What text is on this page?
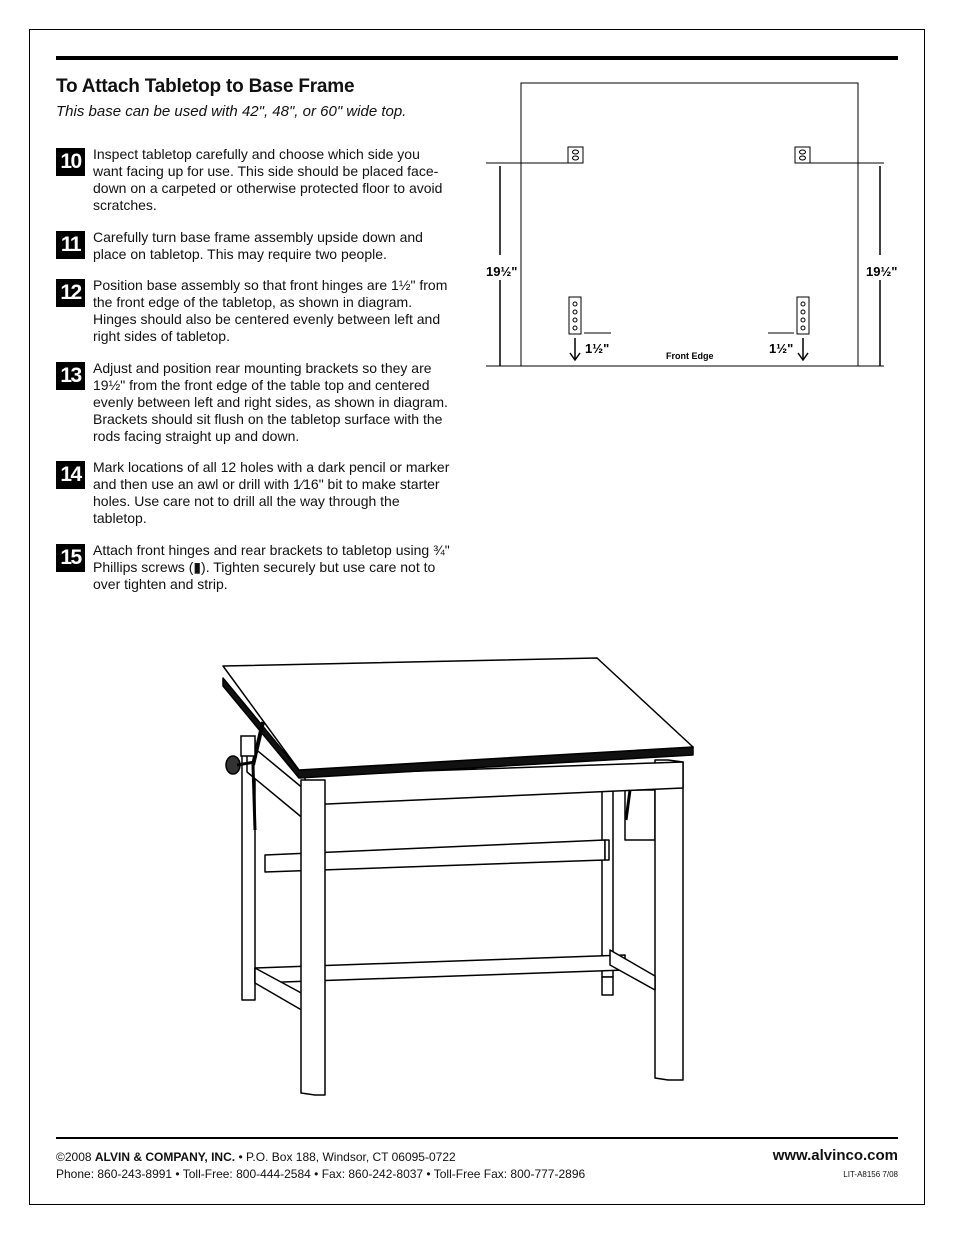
To Attach Tabletop to Base Frame
This base can be used with 42", 48", or 60" wide top.
10 Inspect tabletop carefully and choose which side you want facing up for use. This side should be placed face-down on a carpeted or otherwise protected floor to avoid scratches.
11 Carefully turn base frame assembly upside down and place on tabletop. This may require two people.
12 Position base assembly so that front hinges are 1½" from the front edge of the tabletop, as shown in diagram. Hinges should also be centered evenly between left and right sides of tabletop.
13 Adjust and position rear mounting brackets so they are 19½" from the front edge of the table top and centered evenly between left and right sides, as shown in diagram. Brackets should sit flush on the tabletop surface with the rods facing straight up and down.
14 Mark locations of all 12 holes with a dark pencil or marker and then use an awl or drill with 1⁄16" bit to make starter holes. Use care not to drill all the way through the tabletop.
15 Attach front hinges and rear brackets to tabletop using ¾" Phillips screws (▮). Tighten securely but use care not to over tighten and strip.
19½"	19½"
1½"	1½"
Front Edge
©2008 ALVIN & COMPANY, INC. • P.O. Box 188, Windsor, CT 06095-0722
Phone: 860-243-8991 • Toll-Free: 800-444-2584 • Fax: 860-242-8037 • Toll-Free Fax: 800-777-2896
www.alvinco.com
LIT-A8156 7/08
